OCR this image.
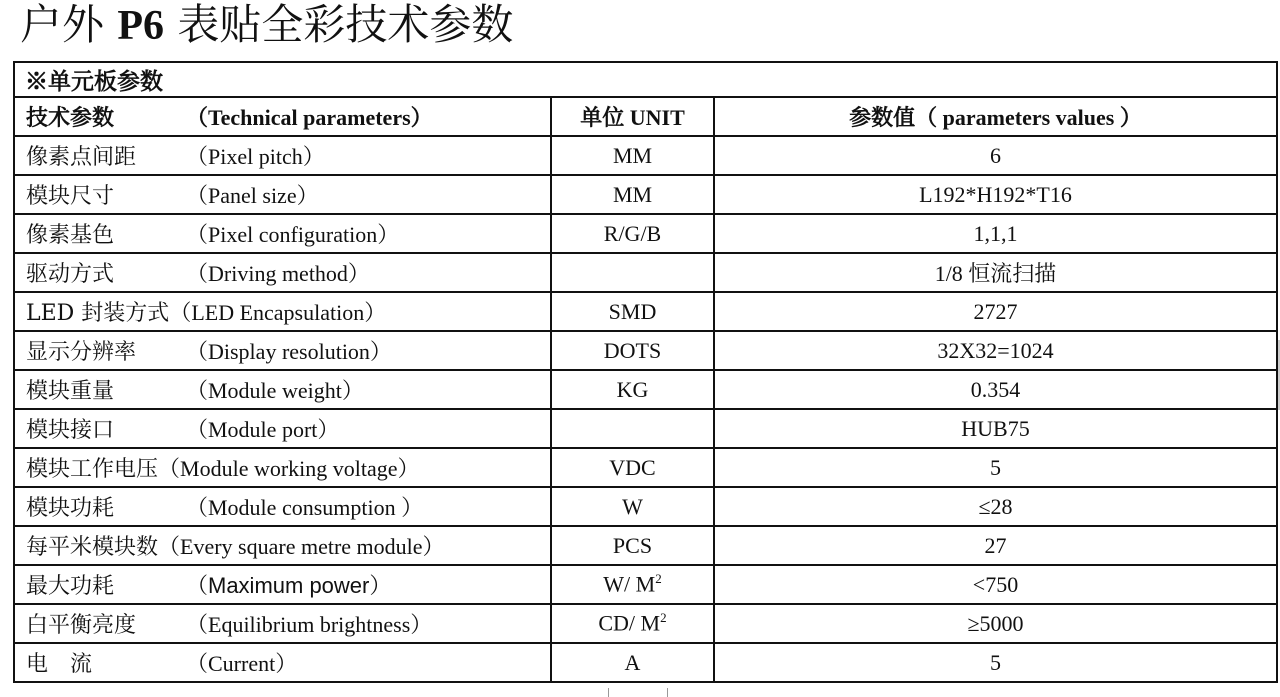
户外 P6 表贴全彩技术参数
※单元板参数		
技术参数 （Technical parameters）	单位 UNIT	参数值（ parameters values ）
像素点间距 （Pixel pitch）	MM	6
模块尺寸 （Panel size）	MM	L192*H192*T16
像素基色 （Pixel configuration）	R/G/B	1,1,1
驱动方式 （Driving method）		1/8 恒流扫描
LED 封装方式（LED Encapsulation）	SMD	2727
显示分辨率 （Display resolution）	DOTS	32X32=1024
模块重量 （Module weight）	KG	0.354
模块接口 （Module port）		HUB75
模块工作电压（Module working voltage）	VDC	5
模块功耗 （Module consumption ）	W	≤28
每平米模块数（Every square metre module）	PCS	27
最大功耗 （Maximum power）	W/ $M^2$	<750
白平衡亮度 （Equilibrium brightness）	CD/ $M^2$	≥5000
电　流 （Current）	A	5
